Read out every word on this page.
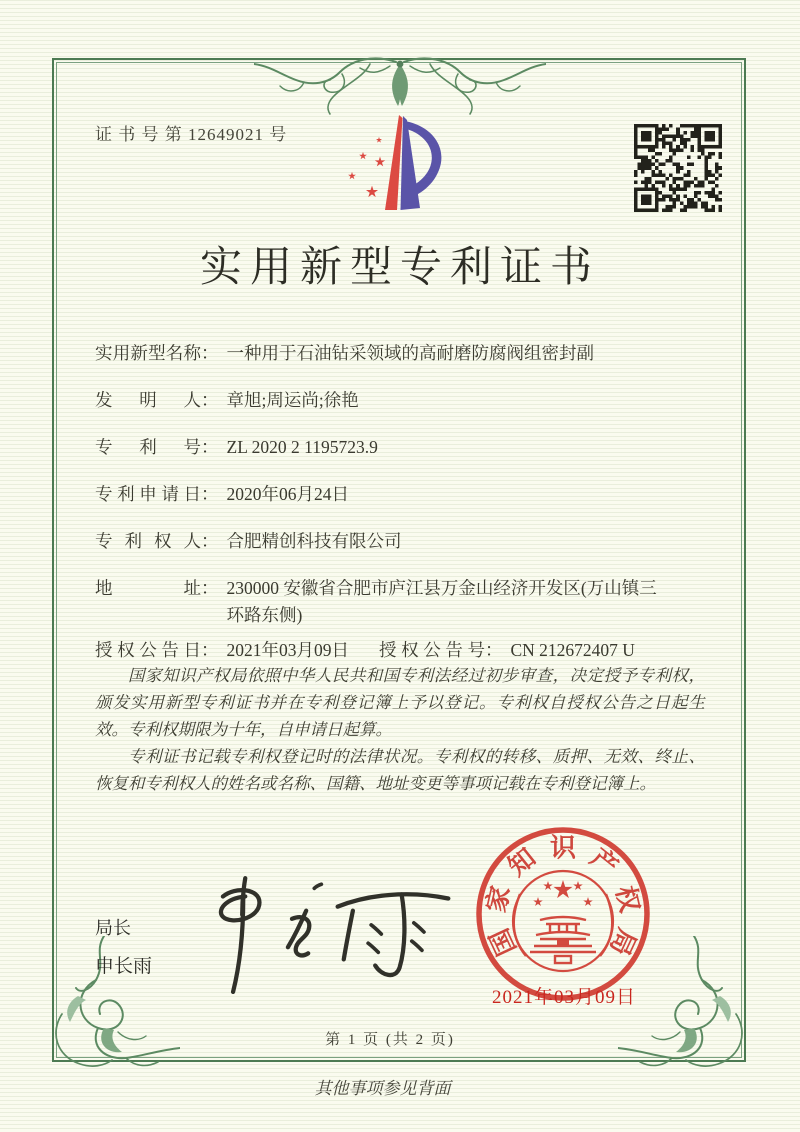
证 书 号 第 12649021 号
实用新型专利证书
实用新型名称 ： 一种用于石油钻采领域的高耐磨防腐阀组密封副
发明人 ： 章旭;周运尚;徐艳
专利号 ： ZL 2020 2 1195723.9
专利申请日 ： 2020年06月24日
专利权人 ： 合肥精创科技有限公司
地址 ： 230000 安徽省合肥市庐江县万金山经济开发区(万山镇三环路东侧)
授权公告日 ： 2021年03月09日 授权公告号 ： CN 212672407 U

国家知识产权局依照中华人民共和国专利法经过初步审查，决定授予专利权，颁发实用新型专利证书并在专利登记簿上予以登记。专利权自授权公告之日起生效。专利权期限为十年，自申请日起算。

专利证书记载专利权登记时的法律状况。专利权的转移、质押、无效、终止、恢复和专利权人的姓名或名称、国籍、地址变更等事项记载在专利登记簿上。

局长
申长雨
国
家
知 识 产
权
局
2021年03月09日
第 1 页 (共 2 页)
其他事项参见背面
